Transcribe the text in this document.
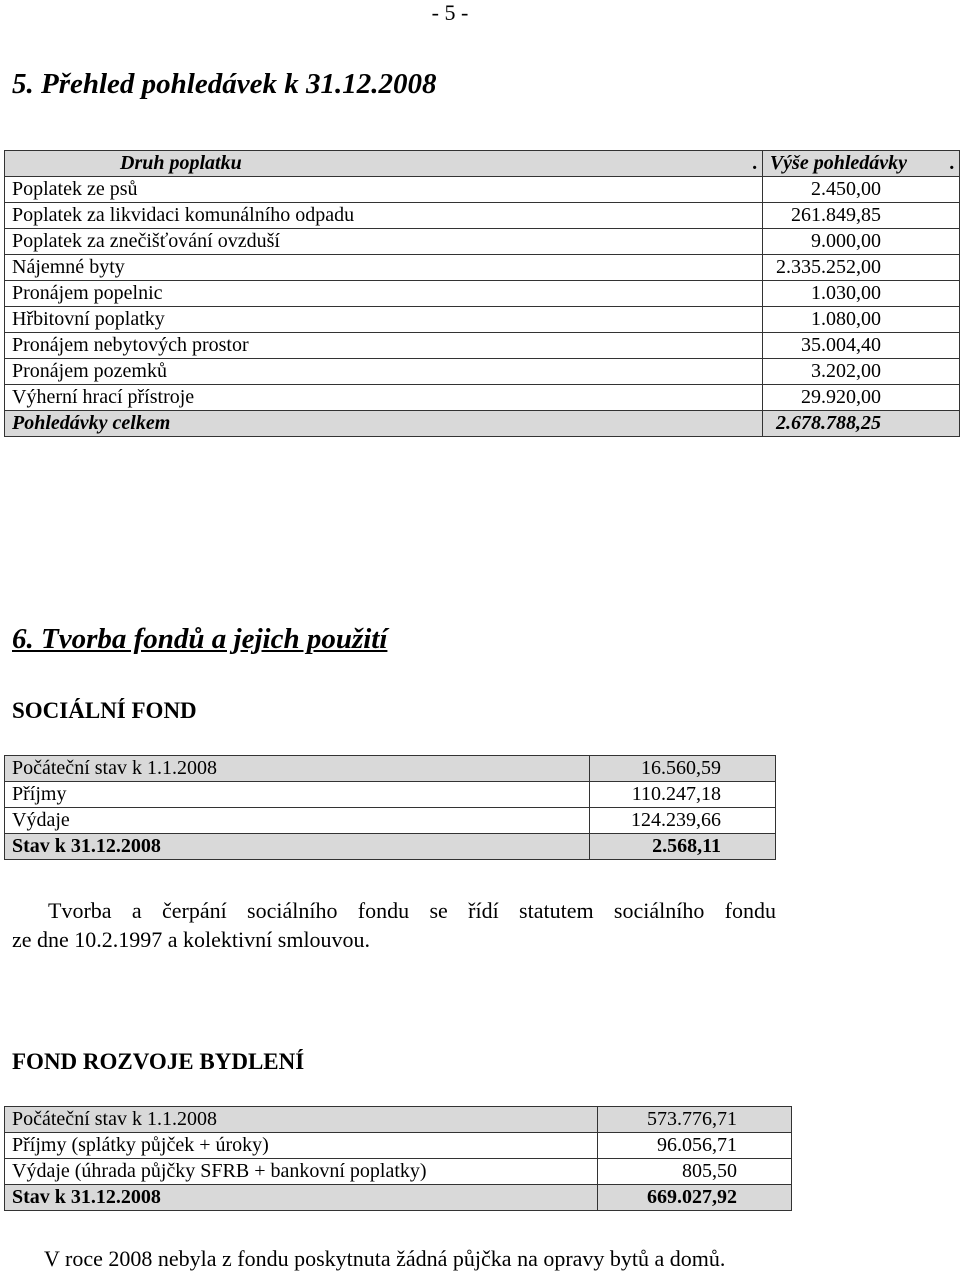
- 5 -
5. Přehled pohledávek k 31.12.2008
Druh poplatku .	Výše pohledávky .

Poplatek ze psů	2.450,00
Poplatek za likvidaci komunálního odpadu	261.849,85
Poplatek za znečišťování ovzduší	9.000,00
Nájemné byty	2.335.252,00
Pronájem popelnic	1.030,00
Hřbitovní poplatky	1.080,00
Pronájem nebytových prostor	35.004,40
Pronájem pozemků	3.202,00
Výherní hrací přístroje	29.920,00
Pohledávky celkem	2.678.788,25
6. Tvorba fondů a jejich použití
SOCIÁLNÍ FOND
Počáteční stav k 1.1.2008	16.560,59
Příjmy	110.247,18
Výdaje	124.239,66
Stav k 31.12.2008	2.568,11
Tvorba a čerpání sociálního fondu se řídí statutem sociálního fondu
ze dne 10.2.1997 a kolektivní smlouvou.
FOND ROZVOJE BYDLENÍ
Počáteční stav k 1.1.2008	573.776,71
Příjmy (splátky půjček + úroky)	96.056,71
Výdaje (úhrada půjčky SFRB + bankovní poplatky)	805,50
Stav k 31.12.2008	669.027,92
V roce 2008 nebyla z fondu poskytnuta žádná půjčka na opravy bytů a domů.
